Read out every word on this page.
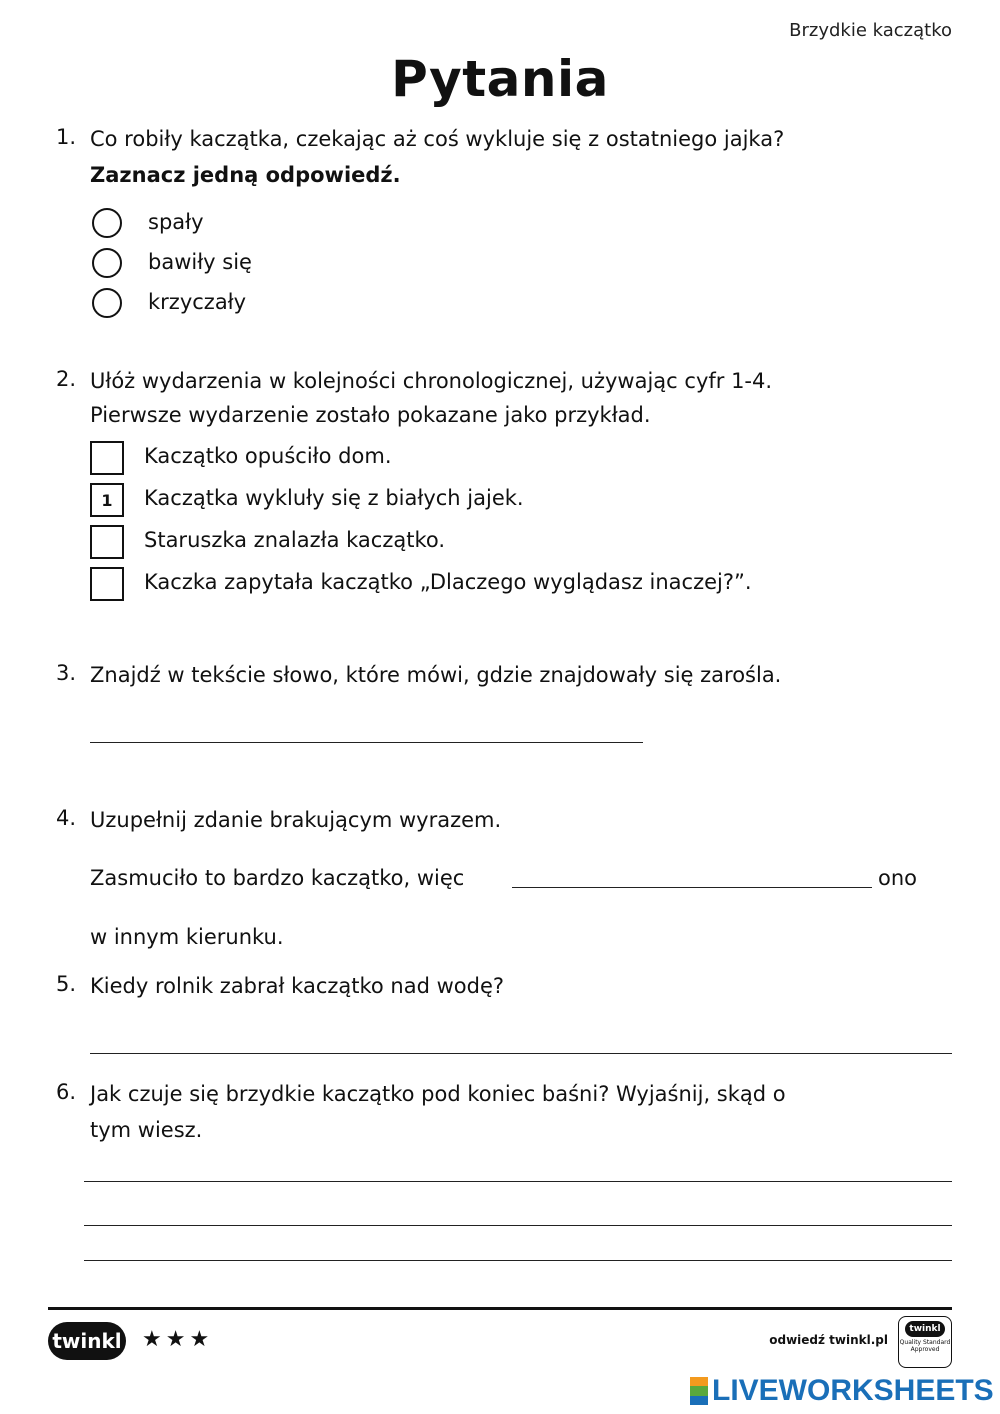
Brzydkie kaczątko
Pytania
1. Co robiły kaczątka, czekając aż coś wykluje się z ostatniego jajka?
Zaznacz jedną odpowiedź.
spały
bawiły się
krzyczały
2. Ułóż wydarzenia w kolejności chronologicznej, używając cyfr 1-4.
Pierwsze wydarzenie zostało pokazane jako przykład.
Kaczątko opuściło dom.
1	Kaczątka wykluły się z białych jajek.
Staruszka znalazła kaczątko.
Kaczka zapytała kaczątko „Dlaczego wyglądasz inaczej?”.
3. Znajdź w tekście słowo, które mówi, gdzie znajdowały się zarośla.
4. Uzupełnij zdanie brakującym wyrazem.
Zasmuciło to bardzo kaczątko, więc	ono
w innym kierunku.
5. Kiedy rolnik zabrał kaczątko nad wodę?
6. Jak czuje się brzydkie kaczątko pod koniec baśni? Wyjaśnij, skąd o
tym wiesz.
twinkl ★★★	odwiedź twinkl.pl
twinkl
Quality Standard Approved
LIVEWORKSHEETS
